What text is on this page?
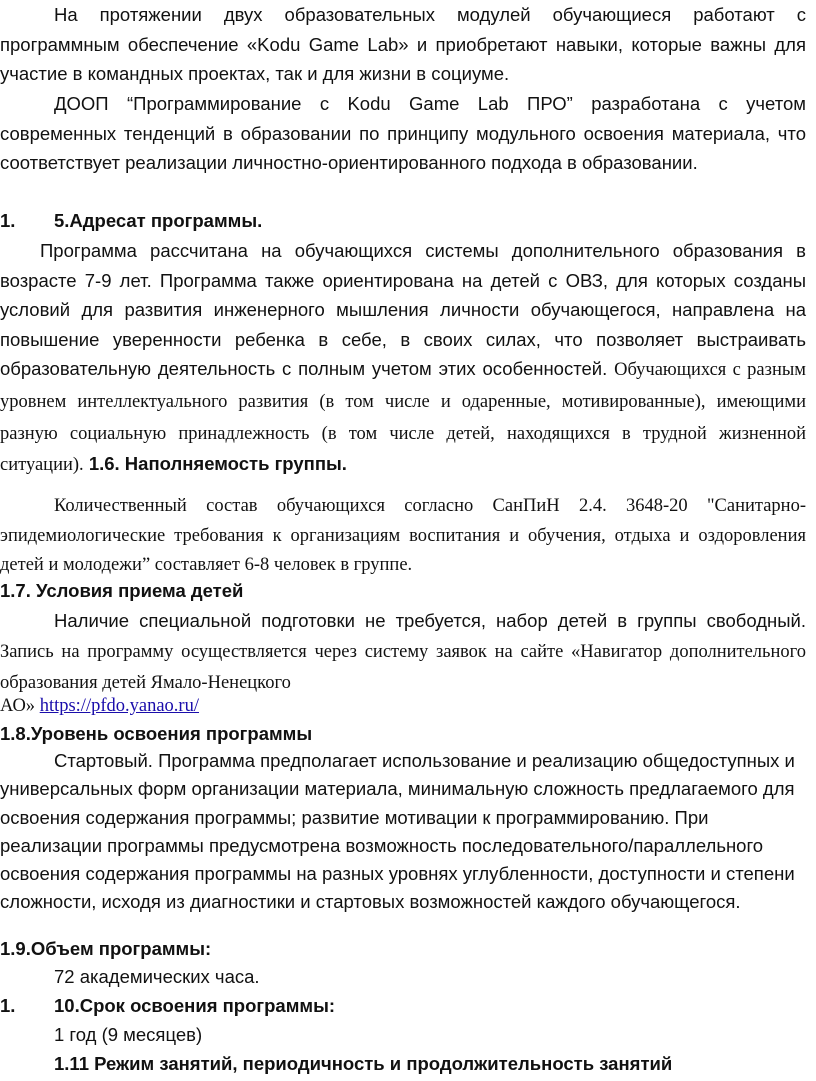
На протяжении двух образовательных модулей обучающиеся работают с программным обеспечение «Kodu Game Lab» и приобретают навыки, которые важны для участие в командных проектах, так и для жизни в социуме.
ДООП “Программирование с Kodu Game Lab ПРО” разработана с учетом современных тенденций в образовании по принципу модульного освоения материала, что соответствует реализации личностно-ориентированного подхода в образовании.
1. 5.Адресат программы.
Программа рассчитана на обучающихся системы дополнительного образования в возрасте 7-9 лет. Программа также ориентирована на детей с ОВЗ, для которых созданы условий для развития инженерного мышления личности обучающегося, направлена на повышение уверенности ребенка в себе, в своих силах, что позволяет выстраивать образовательную деятельность с полным учетом этих особенностей. Обучающихся с разным уровнем интеллектуального развития (в том числе и одаренные, мотивированные), имеющими разную социальную принадлежность (в том числе детей, находящихся в трудной жизненной ситуации). 1.6. Наполняемость группы.
Количественный состав обучающихся согласно СанПиН 2.4. 3648-20 "Санитарно-эпидемиологические требования к организациям воспитания и обучения, отдыха и оздоровления детей и молодежи” составляет 6-8 человек в группе.
1.7. Условия приема детей
Наличие специальной подготовки не требуется, набор детей в группы свободный. Запись на программу осуществляется через систему заявок на сайте «Навигатор дополнительного образования детей Ямало-Ненецкого
АО» https://pfdo.yanao.ru/
1.8.Уровень освоения программы
Стартовый. Программа предполагает использование и реализацию общедоступных и универсальных форм организации материала, минимальную сложность предлагаемого для освоения содержания программы; развитие мотивации к программированию. При реализации программы предусмотрена возможность последовательного/параллельного освоения содержания программы на разных уровнях углубленности, доступности и степени сложности, исходя из диагностики и стартовых возможностей каждого обучающегося.
1.9.Объем программы:
72 академических часа.
1. 10.Срок освоения программы:
1 год (9 месяцев)
1.11 Режим занятий, периодичность и продолжительность занятий
